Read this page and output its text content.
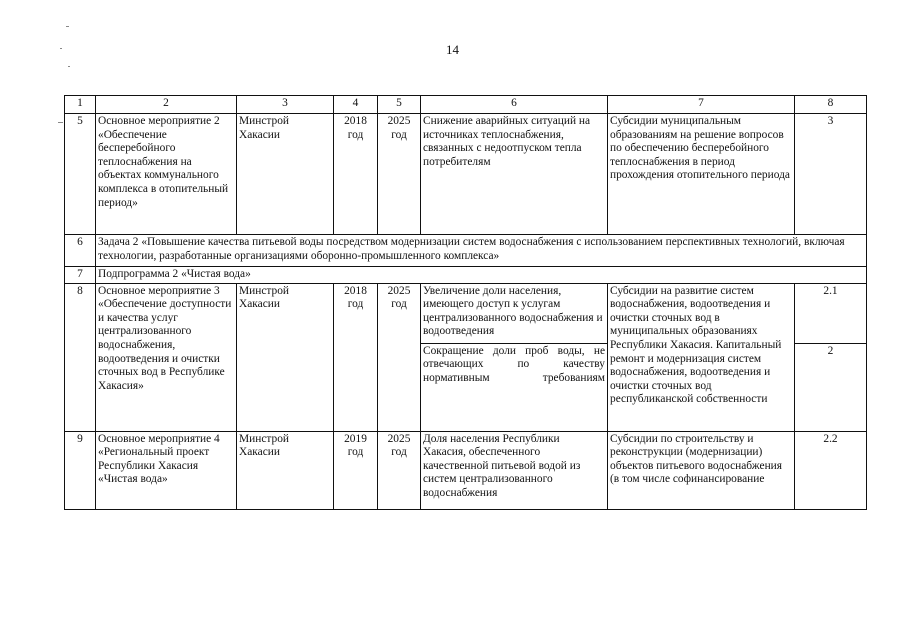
14
1	2	3	4	5	6	7	8
5	Основное мероприятие 2 «Обеспечение бесперебойного теплоснабжения на объектах коммунального комплекса в отопительный период»	Минстрой Хакасии	2018 год	2025 год	Снижение аварийных ситуаций на источниках теплоснабжения, связанных с недоотпуском тепла потребителям	Субсидии муниципальным образованиям на решение вопросов по обеспечению бесперебойного теплоснабжения в период прохождения отопительного периода	3
6	Задача 2 «Повышение качества питьевой воды посредством модернизации систем водоснабжения с использованием перспективных технологий, включая технологии, разработанные организациями оборонно-промышленного комплекса»						
7	Подпрограмма 2 «Чистая вода»						
8	Основное мероприятие 3 «Обеспечение доступности и качества услуг централизованного водоснабжения, водоотведения и очистки сточных вод в Республике Хакасия»	Минстрой Хакасии	2018 год	2025 год	Увеличение доли населения, имеющего доступ к услугам централизованного водоснабжения и водоотведения	Субсидии на развитие систем водоснабжения, водоотведения и очистки сточных вод в муниципальных образованиях Республики Хакасия. Капитальный ремонт и модернизация систем водоснабжения, водоотведения и очистки сточных вод республиканской собственности	2.1
					Сокращение доли проб воды, не отвечающих по качеству нормативным требованиям		2
9	Основное мероприятие 4 «Региональный проект Республики Хакасия «Чистая вода»	Минстрой Хакасии	2019 год	2025 год	Доля населения Республики Хакасия, обеспеченного качественной питьевой водой из систем централизованного водоснабжения	Субсидии по строительству и реконструкции (модернизации) объектов питьевого водоснабжения (в том числе софинансирование	2.2
